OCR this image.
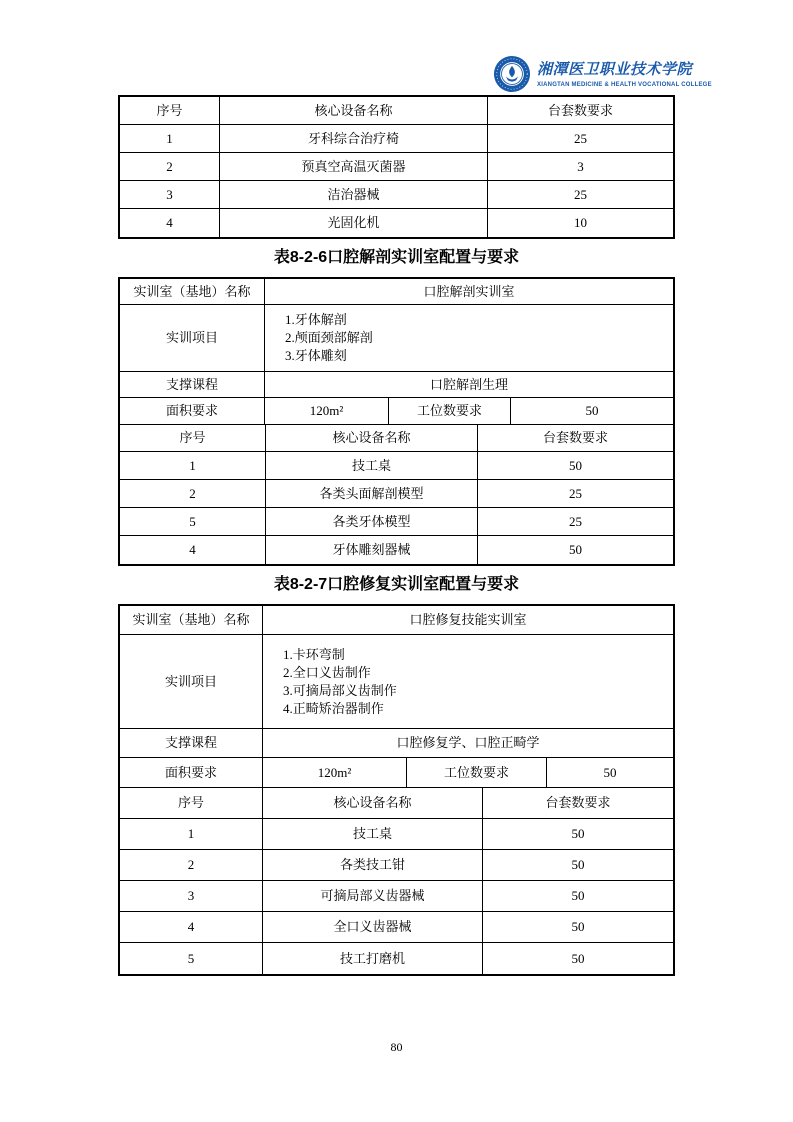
湘潭医卫职业技术学院
XIANGTAN MEDICINE & HEALTH VOCATIONAL COLLEGE
序号	核心设备名称	台套数要求
1	牙科综合治疗椅	25
2	预真空高温灭菌器	3
3	洁治器械	25
4	光固化机	10
表8-2-6口腔解剖实训室配置与要求
实训室（基地）名称	口腔解剖实训室
实训项目
1.牙体解剖
2.颅面颈部解剖
3.牙体雕刻
支撑课程	口腔解剖生理
面积要求	120m²	工位数要求	50
序号	核心设备名称	台套数要求
1	技工桌	50
2	各类头面解剖模型	25
5	各类牙体模型	25
4	牙体雕刻器械	50
表8-2-7口腔修复实训室配置与要求
实训室（基地）名称	口腔修复技能实训室
实训项目
1.卡环弯制
2.全口义齿制作
3.可摘局部义齿制作
4.正畸矫治器制作
支撑课程	口腔修复学、口腔正畸学
面积要求	120m²	工位数要求	50
序号	核心设备名称	台套数要求
1	技工桌	50
2	各类技工钳	50
3	可摘局部义齿器械	50
4	全口义齿器械	50
5	技工打磨机	50
80
